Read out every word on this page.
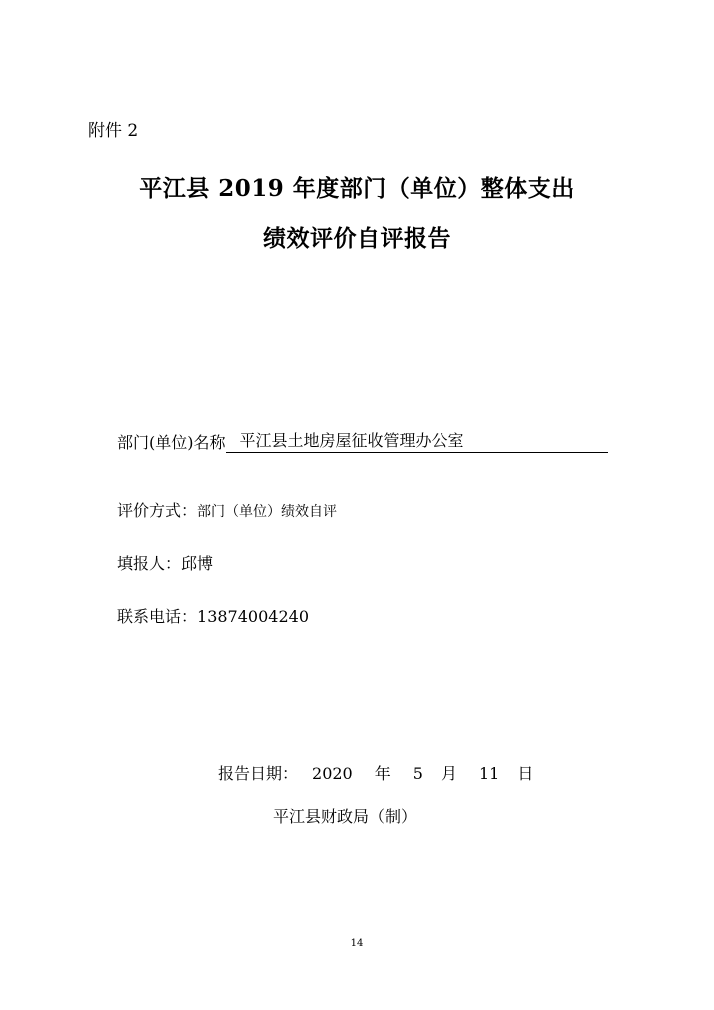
附件 2
平江县 2019 年度部门（单位）整体支出
绩效评价自评报告
部门(单位)名称 平江县土地房屋征收管理办公室
评价方式：部门（单位）绩效自评
填报人：邱博
联系电话：13874004240
报告日期： 2020 年 5 月 11 日
平江县财政局（制）
14
